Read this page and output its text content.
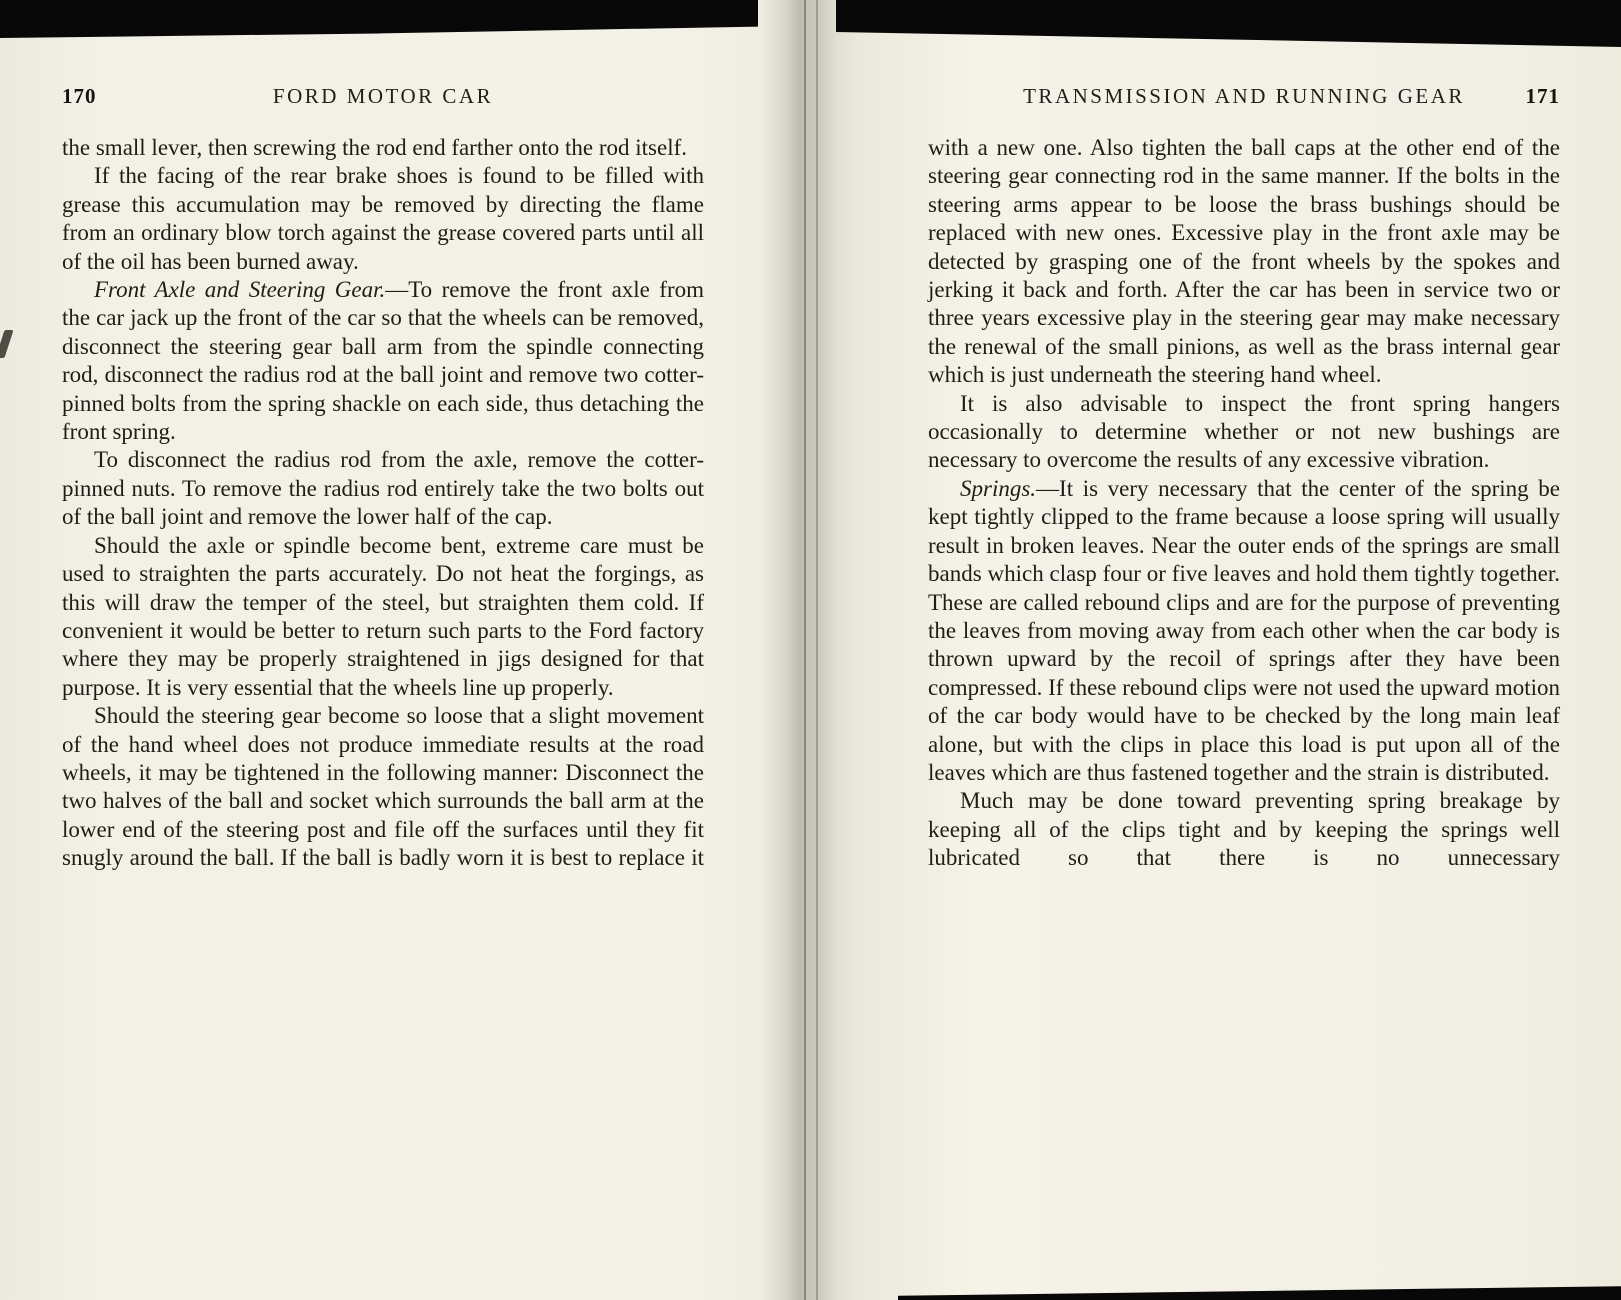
170	FORD MOTOR CAR

the small lever, then screwing the rod end farther onto the rod itself.

If the facing of the rear brake shoes is found to be filled with grease this accumulation may be removed by directing the flame from an ordinary blow torch against the grease covered parts until all of the oil has been burned away.

Front Axle and Steering Gear.—To remove the front axle from the car jack up the front of the car so that the wheels can be removed, disconnect the steering gear ball arm from the spindle connecting rod, disconnect the radius rod at the ball joint and remove two cotter-pinned bolts from the spring shackle on each side, thus detaching the front spring.

To disconnect the radius rod from the axle, remove the cotter-pinned nuts. To remove the radius rod entirely take the two bolts out of the ball joint and remove the lower half of the cap.

Should the axle or spindle become bent, extreme care must be used to straighten the parts accurately. Do not heat the forgings, as this will draw the temper of the steel, but straighten them cold. If convenient it would be better to return such parts to the Ford factory where they may be properly straightened in jigs designed for that purpose. It is very essential that the wheels line up properly.

Should the steering gear become so loose that a slight movement of the hand wheel does not produce immediate results at the road wheels, it may be tightened in the following manner: Disconnect the two halves of the ball and socket which surrounds the ball arm at the lower end of the steering post and file off the surfaces until they fit snugly around the ball. If the ball is badly worn it is best to replace it

TRANSMISSION AND RUNNING GEAR	171

with a new one. Also tighten the ball caps at the other end of the steering gear connecting rod in the same manner. If the bolts in the steering arms appear to be loose the brass bushings should be replaced with new ones. Excessive play in the front axle may be detected by grasping one of the front wheels by the spokes and jerking it back and forth. After the car has been in service two or three years excessive play in the steering gear may make necessary the renewal of the small pinions, as well as the brass internal gear which is just underneath the steering hand wheel.

It is also advisable to inspect the front spring hangers occasionally to determine whether or not new bushings are necessary to overcome the results of any excessive vibration.

Springs.—It is very necessary that the center of the spring be kept tightly clipped to the frame because a loose spring will usually result in broken leaves. Near the outer ends of the springs are small bands which clasp four or five leaves and hold them tightly together. These are called rebound clips and are for the purpose of preventing the leaves from moving away from each other when the car body is thrown upward by the recoil of springs after they have been compressed. If these rebound clips were not used the upward motion of the car body would have to be checked by the long main leaf alone, but with the clips in place this load is put upon all of the leaves which are thus fastened together and the strain is distributed.

Much may be done toward preventing spring breakage by keeping all of the clips tight and by keeping the springs well lubricated so that there is no unnecessary
